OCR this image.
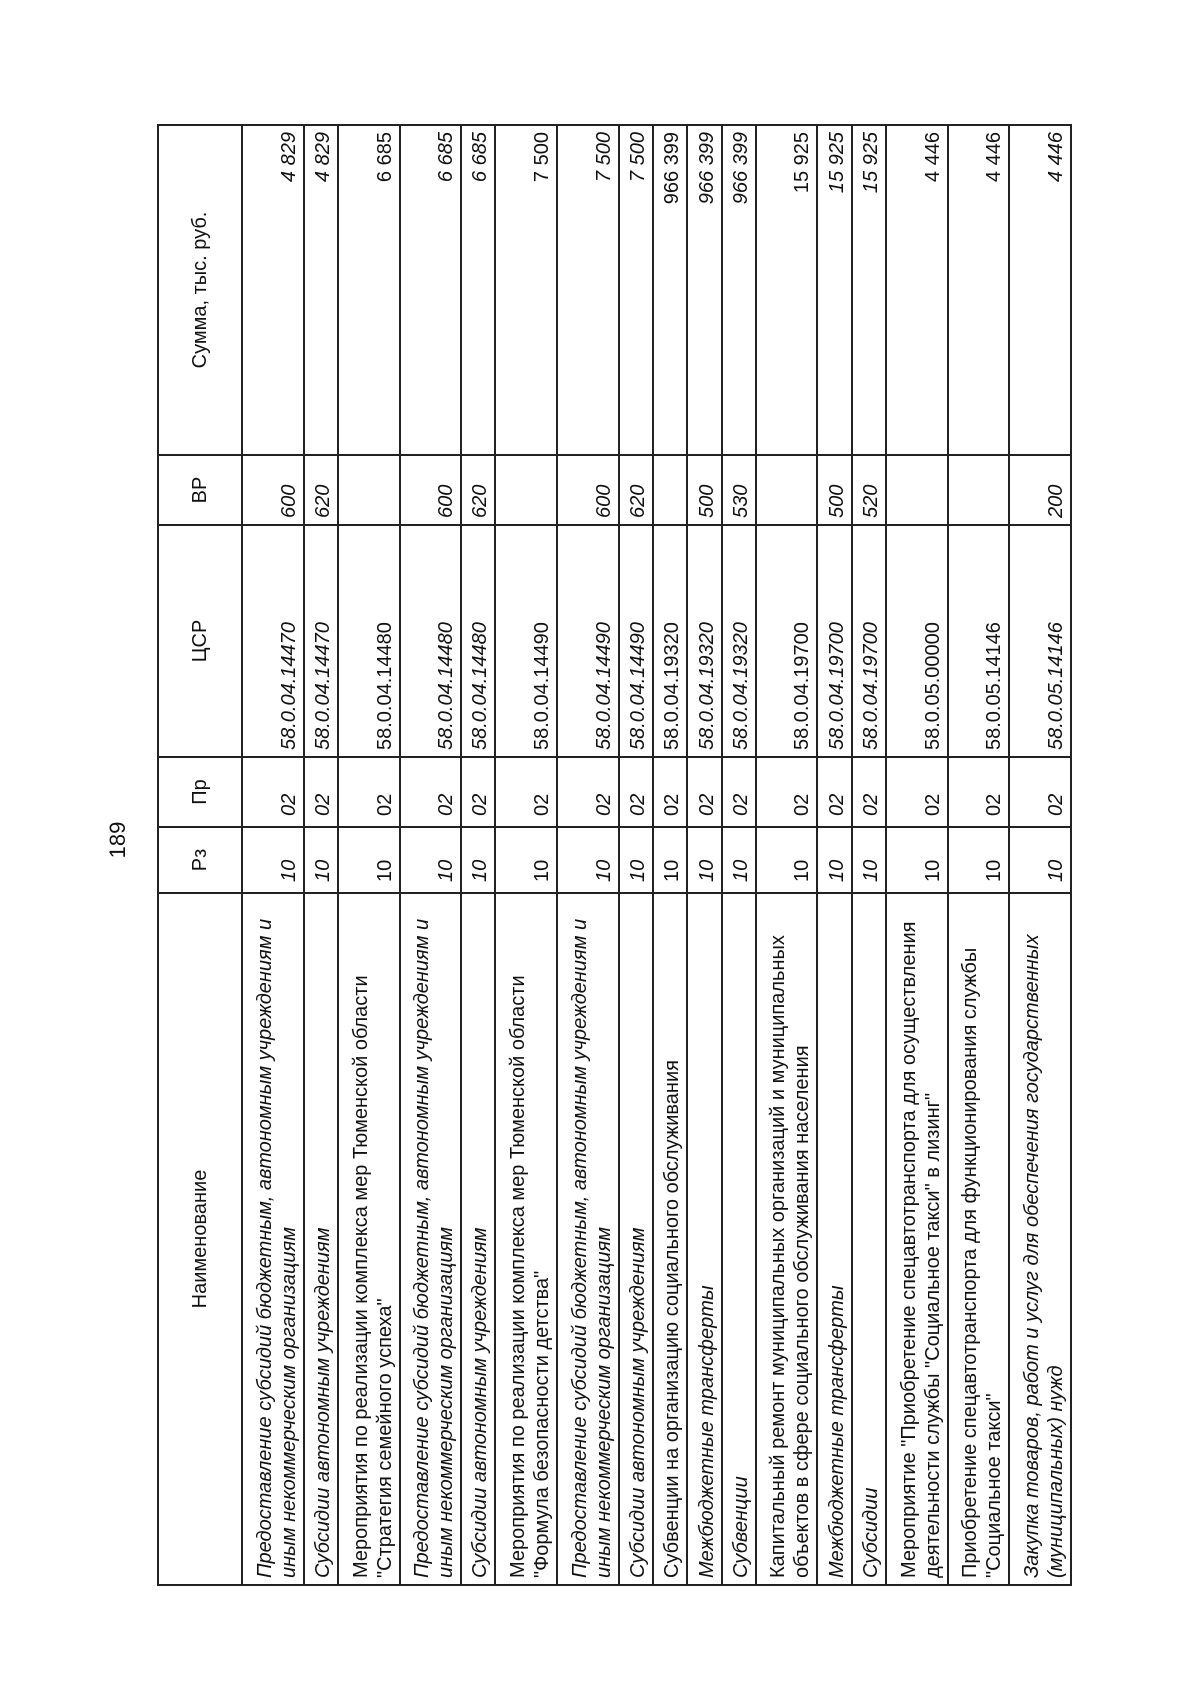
189
Наименование	Рз	Пр	ЦСР	ВР	Сумма, тыс. руб.
Предоставление субсидий бюджетным, автономным учреждениям и иным некоммерческим организациям	10	02	58.0.04.14470	600	4 829
Субсидии автономным учреждениям	10	02	58.0.04.14470	620	4 829
Мероприятия по реализации комплекса мер Тюменской области "Стратегия семейного успеха"	10	02	58.0.04.14480		6 685
Предоставление субсидий бюджетным, автономным учреждениям и иным некоммерческим организациям	10	02	58.0.04.14480	600	6 685
Субсидии автономным учреждениям	10	02	58.0.04.14480	620	6 685
Мероприятия по реализации комплекса мер Тюменской области "Формула безопасности детства"	10	02	58.0.04.14490		7 500
Предоставление субсидий бюджетным, автономным учреждениям и иным некоммерческим организациям	10	02	58.0.04.14490	600	7 500
Субсидии автономным учреждениям	10	02	58.0.04.14490	620	7 500
Субвенции на организацию социального обслуживания	10	02	58.0.04.19320		966 399
Межбюджетные трансферты	10	02	58.0.04.19320	500	966 399
Субвенции	10	02	58.0.04.19320	530	966 399
Капитальный ремонт муниципальных организаций и муниципальных объектов в сфере социального обслуживания населения	10	02	58.0.04.19700		15 925
Межбюджетные трансферты	10	02	58.0.04.19700	500	15 925
Субсидии	10	02	58.0.04.19700	520	15 925
Мероприятие "Приобретение спецавтотранспорта для осуществления деятельности службы "Социальное такси" в лизинг"	10	02	58.0.05.00000		4 446
Приобретение спецавтотранспорта для функционирования службы "Социальное такси"	10	02	58.0.05.14146		4 446
Закупка товаров, работ и услуг для обеспечения государственных (муниципальных) нужд	10	02	58.0.05.14146	200	4 446
